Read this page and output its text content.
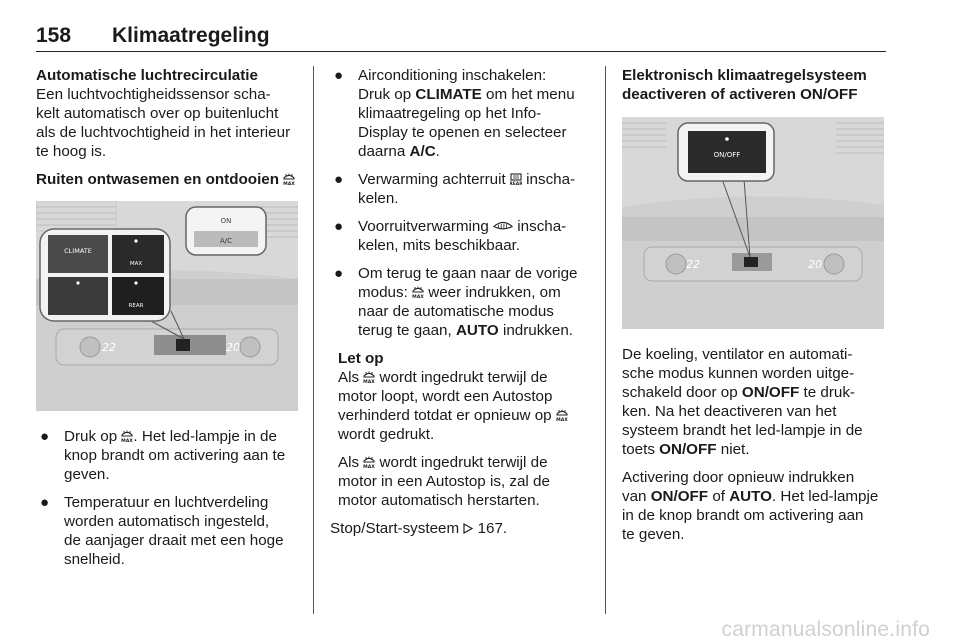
158 Klimaatregeling
Automatische luchtrecirculatie

Een luchtvochtigheidssensor scha-
kelt automatisch over op buitenlucht
als de luchtvochtigheid in het interieur
te hoog is.

Ruiten ontwasemen en ontdooien
22	20
CLIMATE
MAX
REAR
ON
A/C
● Druk op . Het led-lampje in de
knop brandt om activering aan te
geven.
● Temperatuur en luchtverdeling
worden automatisch ingesteld,
de aanjager draait met een hoge
snelheid.
● Airconditioning inschakelen:
Druk op CLIMATE om het menu
klimaatregeling op het Info-
Display te openen en selecteer
daarna A/C.
● Verwarming achterruit  inscha-
kelen.
● Voorruitverwarming  inscha-
kelen, mits beschikbaar.
● Om terug te gaan naar de vorige
modus:  weer indrukken, om
naar de automatische modus
terug te gaan, AUTO indrukken.
Let op

Als  wordt ingedrukt terwijl de
motor loopt, wordt een Autostop
verhinderd totdat er opnieuw op
wordt gedrukt.

Als  wordt ingedrukt terwijl de
motor in een Autostop is, zal de
motor automatisch herstarten.

Stop/Start-systeem  167.

Elektronisch klimaatregelsysteem
deactiveren of activeren ON/OFF
22	20
ON/OFF

De koeling, ventilator en automati-
sche modus kunnen worden uitge-
schakeld door op ON/OFF te druk-
ken. Na het deactiveren van het
systeem brandt het led-lampje in de
toets ON/OFF niet.

Activering door opnieuw indrukken
van ON/OFF of AUTO. Het led-lampje
in de knop brandt om activering aan
te geven.

carmanualsonline.info
